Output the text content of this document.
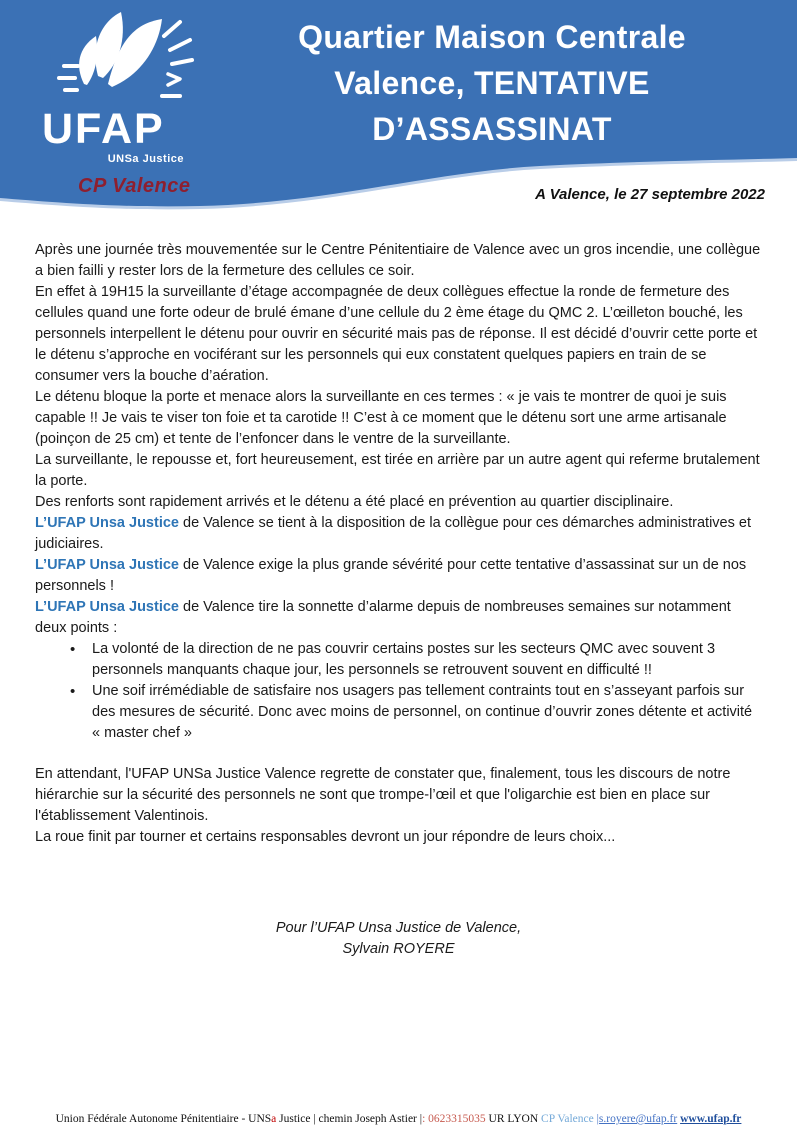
UFAP
UNSa Justice
Quartier Maison Centrale
Valence, TENTATIVE
D’ASSASSINAT
CP Valence	A Valence, le 27 septembre 2022

Après une journée très mouvementée sur le Centre Pénitentiaire de Valence avec un gros incendie, une collègue a bien failli y rester lors de la fermeture des cellules ce soir.

En effet à 19H15 la surveillante d’étage accompagnée de deux collègues effectue la ronde de fermeture des cellules quand une forte odeur de brulé émane d’une cellule du 2 ème étage du QMC 2. L’œilleton bouché, les personnels interpellent le détenu pour ouvrir en sécurité mais pas de réponse. Il est décidé d’ouvrir cette porte et le détenu s’approche en vociférant sur les personnels qui eux constatent quelques papiers en train de se consumer vers la bouche d’aération.

Le détenu bloque la porte et menace alors la surveillante en ces termes : « je vais te montrer de quoi je suis capable !! Je vais te viser ton foie et ta carotide !! C’est à ce moment que le détenu sort une arme artisanale (poinçon de 25 cm) et tente de l’enfoncer dans le ventre de la surveillante.

La surveillante, le repousse et, fort heureusement, est tirée en arrière par un autre agent qui referme brutalement la porte.

Des renforts sont rapidement arrivés et le détenu a été placé en prévention au quartier disciplinaire.

L’UFAP Unsa Justice de Valence se tient à la disposition de la collègue pour ces démarches administratives et judiciaires.

L’UFAP Unsa Justice de Valence exige la plus grande sévérité pour cette tentative d’assassinat sur un de nos personnels !

L’UFAP Unsa Justice de Valence tire la sonnette d’alarme depuis de nombreuses semaines sur notamment deux points :

• La volonté de la direction de ne pas couvrir certains postes sur les secteurs QMC avec souvent 3 personnels manquants chaque jour, les personnels se retrouvent souvent en difficulté !!
• Une soif irrémédiable de satisfaire nos usagers pas tellement contraints tout en s’asseyant parfois sur des mesures de sécurité. Donc avec moins de personnel, on continue d’ouvrir zones détente et activité « master chef »

En attendant, l'UFAP UNSa Justice Valence regrette de constater que, finalement, tous les discours de notre hiérarchie sur la sécurité des personnels ne sont que trompe-l’œil et que l'oligarchie est bien en place sur l'établissement Valentinois.

La roue finit par tourner et certains responsables devront un jour répondre de leurs choix...

Pour l’UFAP Unsa Justice de Valence,
Sylvain ROYERE
Union Fédérale Autonome Pénitentiaire - UNSa Justice | chemin Joseph Astier |: 0623315035 UR LYON CP Valence |s.royere@ufap.fr www.ufap.fr
